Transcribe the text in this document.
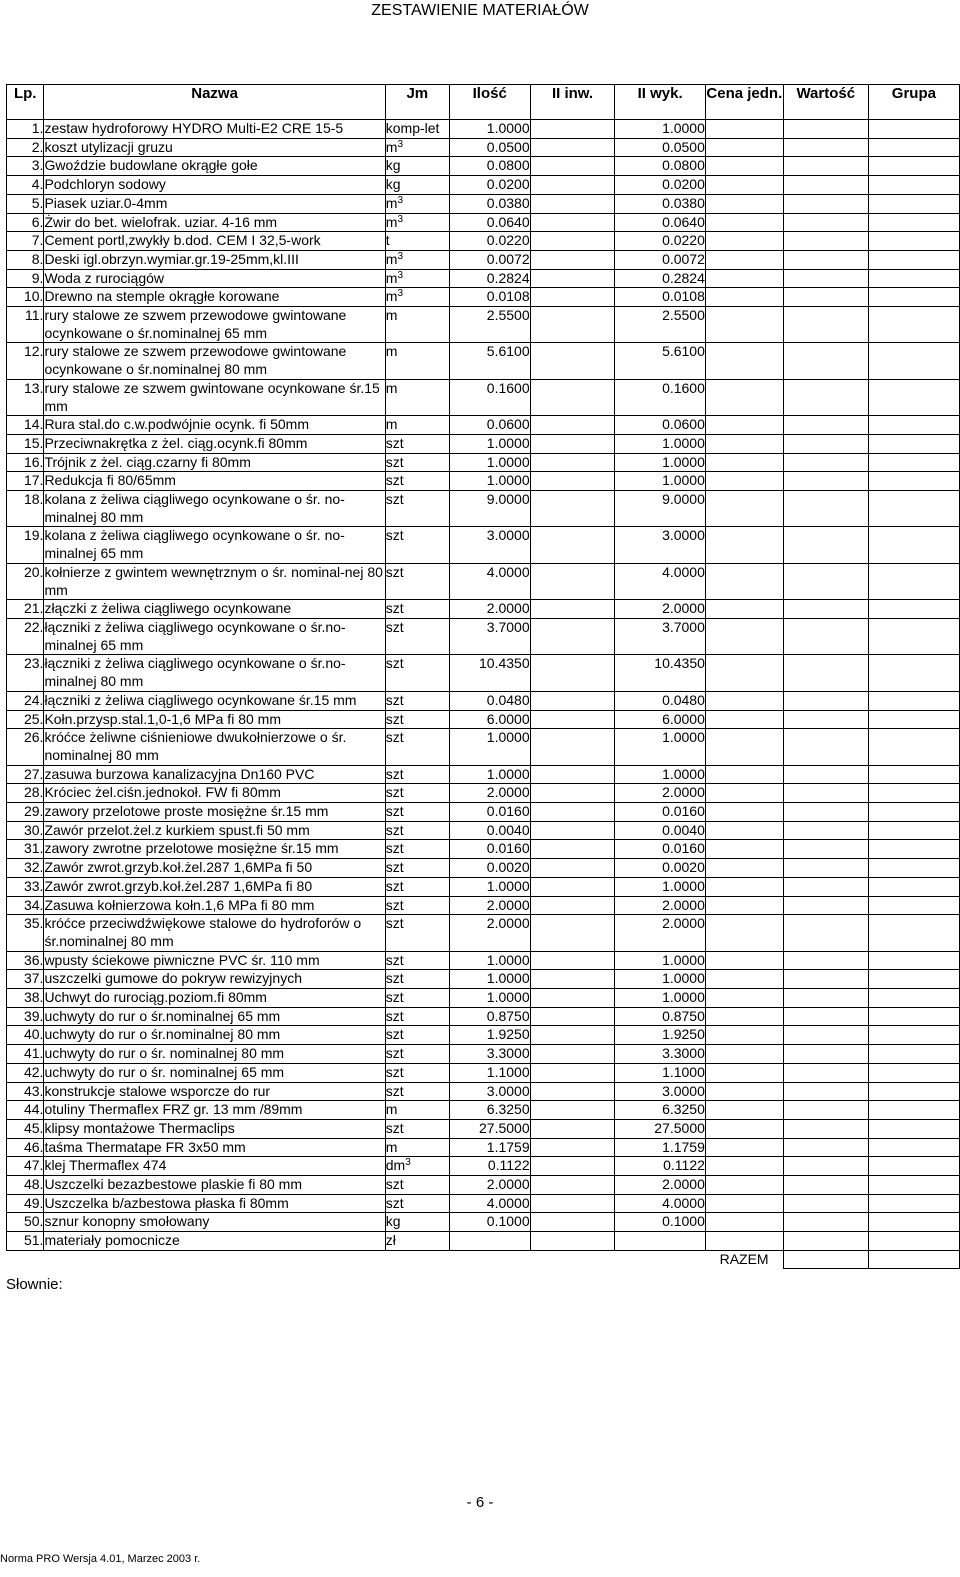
ZESTAWIENIE MATERIAŁÓW
Lp.	Nazwa	Jm	Ilość	II inw.	II wyk.	Cena jedn.	Wartość	Grupa
1.	zestaw hydroforowy HYDRO Multi-E2 CRE 15-5	komp-let	1.0000		1.0000			
2.	koszt utylizacji gruzu	$m^3$	0.0500		0.0500			
3.	Gwoździe budowlane okrągłe gołe	kg	0.0800		0.0800			
4.	Podchloryn sodowy	kg	0.0200		0.0200			
5.	Piasek uziar.0-4mm	$m^3$	0.0380		0.0380			
6.	Żwir do bet. wielofrak. uziar. 4-16 mm	$m^3$	0.0640		0.0640			
7.	Cement portl,zwykły b.dod. CEM I 32,5-work	t	0.0220		0.0220			
8.	Deski igl.obrzyn.wymiar.gr.19-25mm,kl.III	$m^3$	0.0072		0.0072			
9.	Woda z rurociągów	$m^3$	0.2824		0.2824			
10.	Drewno na stemple okrągłe korowane	$m^3$	0.0108		0.0108			
11.	rury stalowe ze szwem przewodowe gwintowane ocynkowane o śr.nominalnej 65 mm	m	2.5500		2.5500			
12.	rury stalowe ze szwem przewodowe gwintowane ocynkowane o śr.nominalnej 80 mm	m	5.6100		5.6100			
13.	rury stalowe ze szwem gwintowane ocynkowane śr.15 mm	m	0.1600		0.1600			
14.	Rura stal.do c.w.podwójnie ocynk. fi 50mm	m	0.0600		0.0600			
15.	Przeciwnakrętka z żel. ciąg.ocynk.fi 80mm	szt	1.0000		1.0000			
16.	Trójnik z żel. ciąg.czarny fi 80mm	szt	1.0000		1.0000			
17.	Redukcja fi 80/65mm	szt	1.0000		1.0000			
18.	kolana z żeliwa ciągliwego ocynkowane o śr. no-minalnej 80 mm	szt	9.0000		9.0000			
19.	kolana z żeliwa ciągliwego ocynkowane o śr. no-minalnej 65 mm	szt	3.0000		3.0000			
20.	kołnierze z gwintem wewnętrznym o śr. nominal-nej 80 mm	szt	4.0000		4.0000			
21.	złączki z żeliwa ciągliwego ocynkowane	szt	2.0000		2.0000			
22.	łączniki z żeliwa ciągliwego ocynkowane o śr.no-minalnej 65 mm	szt	3.7000		3.7000			
23.	łączniki z żeliwa ciągliwego ocynkowane o śr.no-minalnej 80 mm	szt	10.4350		10.4350			
24.	łączniki z żeliwa ciągliwego ocynkowane śr.15 mm	szt	0.0480		0.0480			
25.	Kołn.przysp.stal.1,0-1,6 MPa fi 80 mm	szt	6.0000		6.0000			
26.	króćce żeliwne ciśnieniowe dwukołnierzowe o śr. nominalnej 80 mm	szt	1.0000		1.0000			
27.	zasuwa burzowa kanalizacyjna Dn160 PVC	szt	1.0000		1.0000			
28.	Króciec żel.ciśn.jednokoł. FW fi 80mm	szt	2.0000		2.0000			
29.	zawory przelotowe proste mosiężne śr.15 mm	szt	0.0160		0.0160			
30.	Zawór przelot.żel.z kurkiem spust.fi 50 mm	szt	0.0040		0.0040			
31.	zawory zwrotne przelotowe mosiężne śr.15 mm	szt	0.0160		0.0160			
32.	Zawór zwrot.grzyb.koł.żel.287 1,6MPa fi 50	szt	0.0020		0.0020			
33.	Zawór zwrot.grzyb.koł.żel.287 1,6MPa fi 80	szt	1.0000		1.0000			
34.	Zasuwa kołnierzowa kołn.1,6 MPa fi 80 mm	szt	2.0000		2.0000			
35.	króćce przeciwdźwiękowe stalowe do hydroforów o śr.nominalnej 80 mm	szt	2.0000		2.0000			
36.	wpusty ściekowe piwniczne PVC śr. 110 mm	szt	1.0000		1.0000			
37.	uszczelki gumowe do pokryw rewizyjnych	szt	1.0000		1.0000			
38.	Uchwyt do rurociąg.poziom.fi 80mm	szt	1.0000		1.0000			
39.	uchwyty do rur o śr.nominalnej 65 mm	szt	0.8750		0.8750			
40.	uchwyty do rur o śr.nominalnej 80 mm	szt	1.9250		1.9250			
41.	uchwyty do rur o śr. nominalnej 80 mm	szt	3.3000		3.3000			
42.	uchwyty do rur o śr. nominalnej 65 mm	szt	1.1000		1.1000			
43.	konstrukcje stalowe wsporcze do rur	szt	3.0000		3.0000			
44.	otuliny Thermaflex FRZ gr. 13 mm /89mm	m	6.3250		6.3250			
45.	klipsy montażowe Thermaclips	szt	27.5000		27.5000			
46.	taśma Thermatape FR 3x50 mm	m	1.1759		1.1759			
47.	klej Thermaflex 474	$dm^3$	0.1122		0.1122			
48.	Uszczelki bezazbestowe plaskie fi 80 mm	szt	2.0000		2.0000			
49.	Uszczelka b/azbestowa płaska fi 80mm	szt	4.0000		4.0000			
50.	sznur konopny smołowany	kg	0.1000		0.1000			
51.	materiały pomocnicze	zł						
						RAZEM		
Słownie:
- 6 -
Norma PRO Wersja 4.01, Marzec 2003 r.
